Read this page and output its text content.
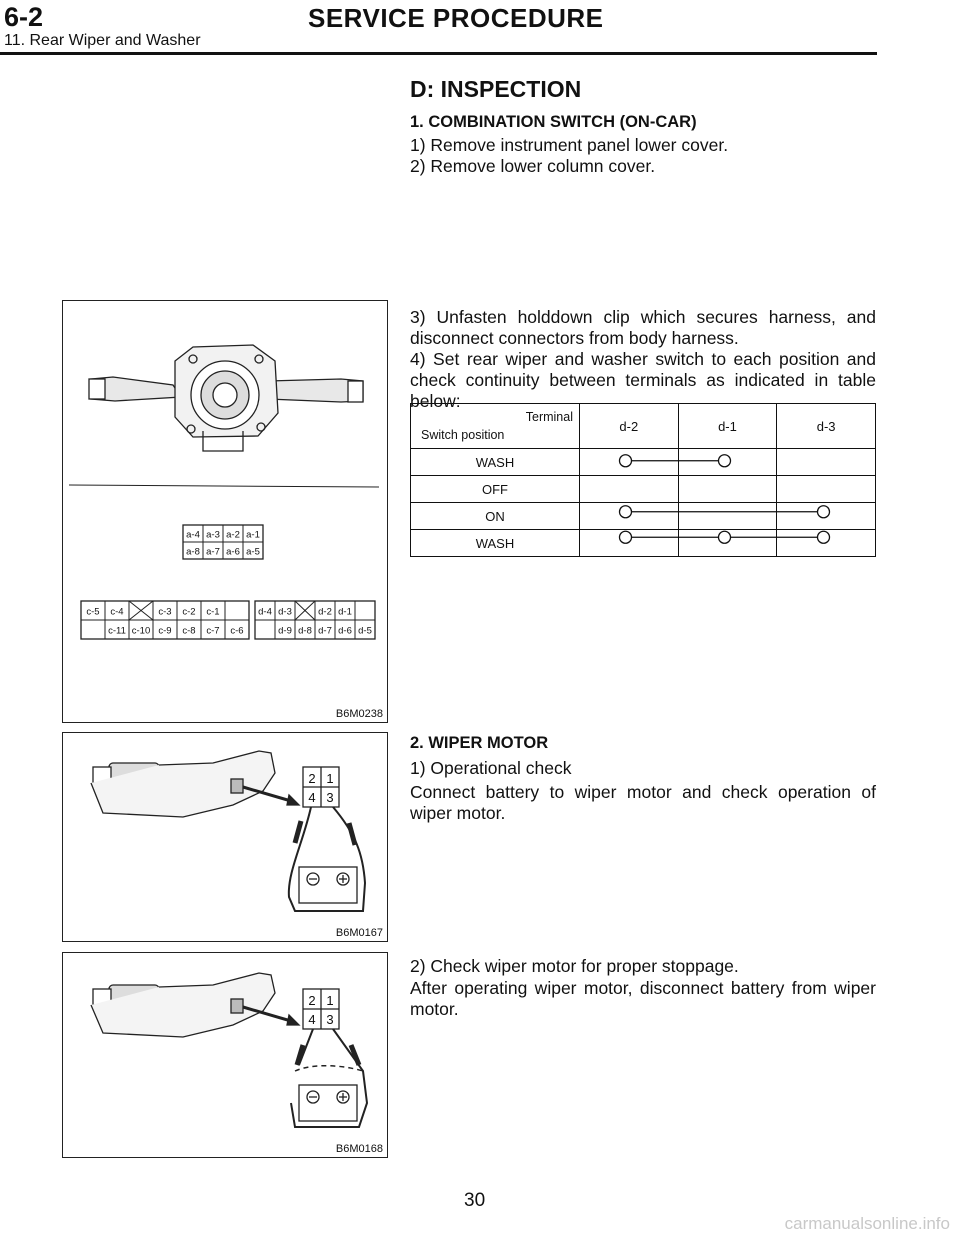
6-2	SERVICE PROCEDURE
11. Rear Wiper and Washer
D: INSPECTION
1. COMBINATION SWITCH (ON-CAR)
1) Remove instrument panel lower cover.
2) Remove lower column cover.
3) Unfasten holddown clip which secures harness, and disconnect connectors from body harness.
4) Set rear wiper and washer switch to each position and check continuity between terminals as indicated in table below:
Terminal
Switch position	d-2	d-1	d-3
WASH			
OFF			
ON			
WASH			
a-4 a-3 a-2 a-1
a-8 a-7 a-6 a-5
c-5 c-4	c-3 c-2 c-1
c-11 c-10 c-9 c-8 c-7 c-6
d-4 d-3	d-2 d-1
d-9 d-8 d-7 d-6 d-5
B6M0238
2. WIPER MOTOR
1) Operational check
Connect battery to wiper motor and check operation of wiper motor.
2) Check wiper motor for proper stoppage.
After operating wiper motor, disconnect battery from wiper motor.
2 1
4 3
B6M0167
2 1
4 3
B6M0168
30
carmanualsonline.info
